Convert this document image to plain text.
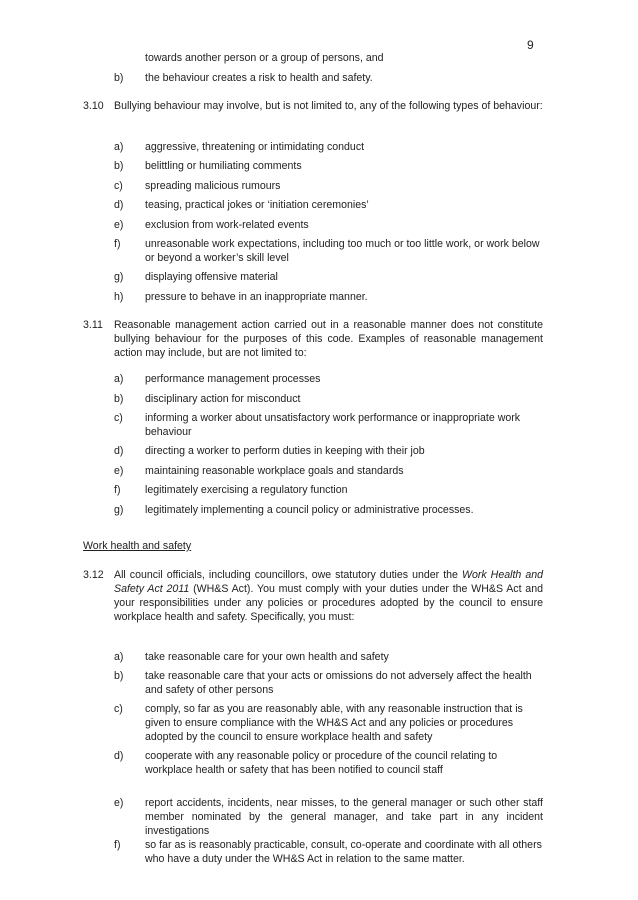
9
towards another person or a group of persons, and
b) the behaviour creates a risk to health and safety.
3.10 Bullying behaviour may involve, but is not limited to, any of the following types of behaviour:
a) aggressive, threatening or intimidating conduct
b) belittling or humiliating comments
c) spreading malicious rumours
d) teasing, practical jokes or ‘initiation ceremonies’
e) exclusion from work-related events
f) unreasonable work expectations, including too much or too little work, or work below or beyond a worker’s skill level
g) displaying offensive material
h) pressure to behave in an inappropriate manner.
3.11 Reasonable management action carried out in a reasonable manner does not constitute bullying behaviour for the purposes of this code. Examples of reasonable management action may include, but are not limited to:
a) performance management processes
b) disciplinary action for misconduct
c) informing a worker about unsatisfactory work performance or inappropriate work behaviour
d) directing a worker to perform duties in keeping with their job
e) maintaining reasonable workplace goals and standards
f) legitimately exercising a regulatory function
g) legitimately implementing a council policy or administrative processes.
Work health and safety
3.12 All council officials, including councillors, owe statutory duties under the Work Health and Safety Act 2011 (WH&S Act). You must comply with your duties under the WH&S Act and your responsibilities under any policies or procedures adopted by the council to ensure workplace health and safety. Specifically, you must:
a) take reasonable care for your own health and safety
b) take reasonable care that your acts or omissions do not adversely affect the health and safety of other persons
c) comply, so far as you are reasonably able, with any reasonable instruction that is given to ensure compliance with the WH&S Act and any policies or procedures adopted by the council to ensure workplace health and safety
d) cooperate with any reasonable policy or procedure of the council relating to workplace health or safety that has been notified to council staff
e) report accidents, incidents, near misses, to the general manager or such other staff member nominated by the general manager, and take part in any incident investigations
f) so far as is reasonably practicable, consult, co-operate and coordinate with all others who have a duty under the WH&S Act in relation to the same matter.
